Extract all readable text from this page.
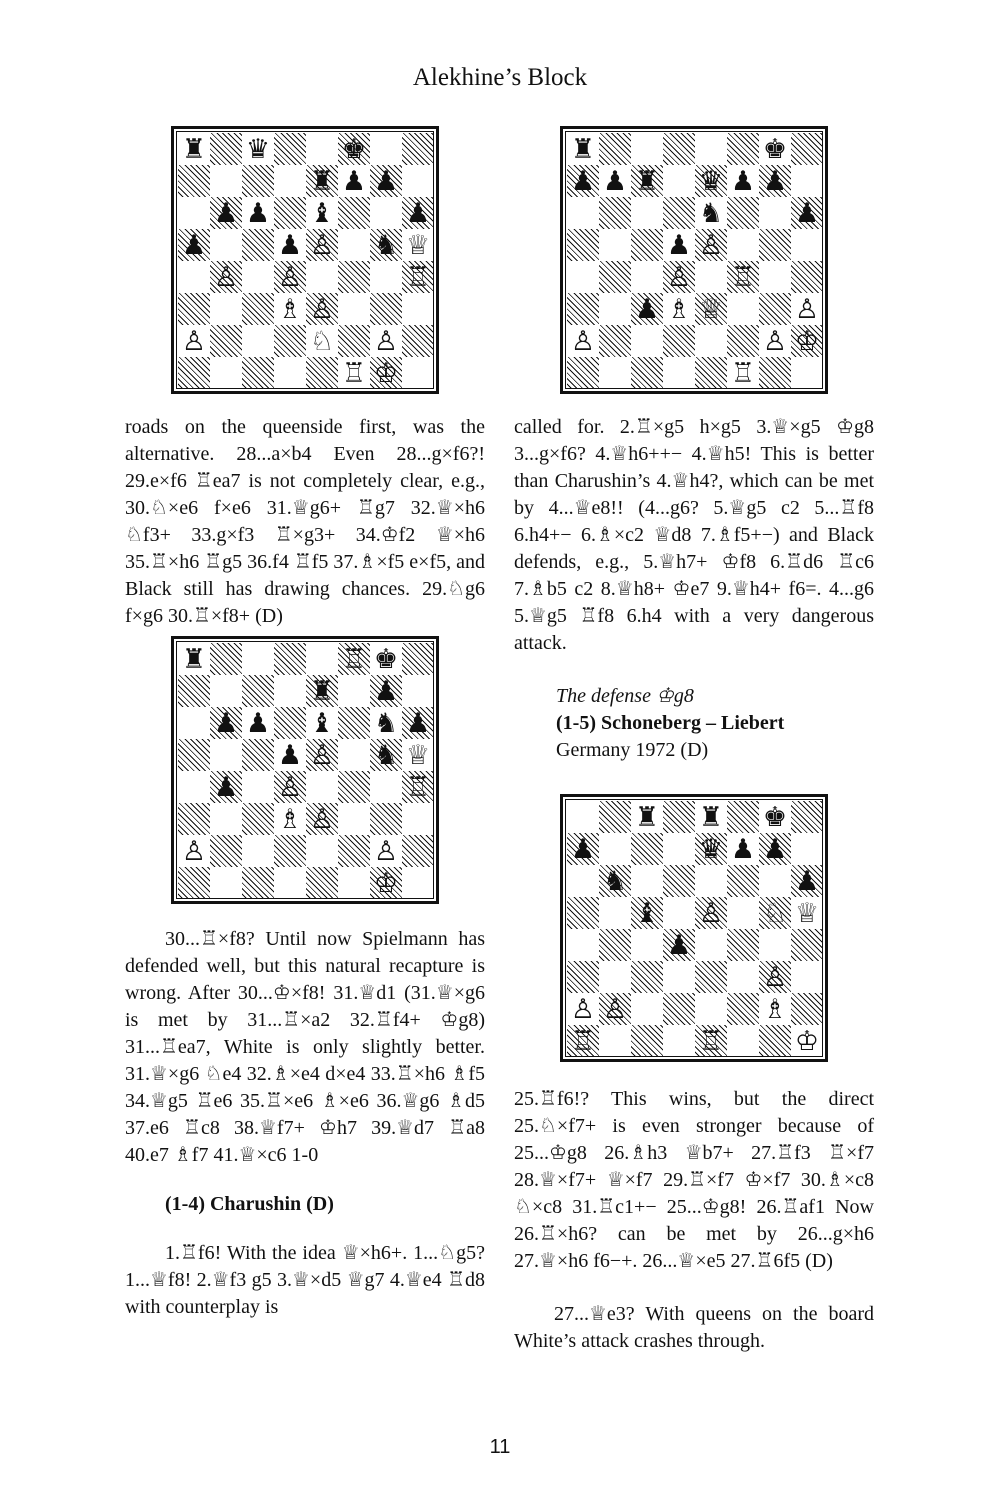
Alekhine’s Block
♜ ♛	♚
♜ ♟ ♟
♟ ♟ ♝	♟
♟	♟ ♙ ♞ ♕
♙ ♙	♖
♗ ♙
♙	♘ ♙
♖ ♔
♜	♚
♟ ♟ ♜ ♛ ♟ ♟
♞	♟
♟ ♙
♙ ♖
♟ ♗ ♕	♙
♙	♙ ♔
♖
♜	♖ ♚
♜ ♟
♟ ♟ ♝ ♞ ♟
♟ ♙ ♞ ♕
♟ ♙	♖
♗ ♙
♙	♙
♔
♜ ♜ ♚
♟	♛ ♟ ♟
♞	♟
♝ ♙ ♘ ♕
♟
♙
♙ ♙	♗
♖	♖	♔

roads on the queenside first, was the alternative. 28...a×b4 Even 28...g×f6?! 29.e×f6 ♖ea7 is not completely clear, e.g., 30.♘×e6 f×e6 31.♕g6+ ♖g7 32.♕×h6 ♘f3+ 33.g×f3 ♖×g3+ 34.♔f2 ♕×h6 35.♖×h6 ♖g5 36.f4 ♖f5 37.♗×f5 e×f5, and Black still has drawing chances. 29.♘g6 f×g6 30.♖×f8+ (D)

30...♖×f8? Until now Spielmann has defended well, but this natural recapture is wrong. After 30...♔×f8! 31.♕d1 (31.♕×g6 is met by 31...♖×a2 32.♖f4+ ♔g8) 31...♖ea7, White is only slightly better. 31.♕×g6 ♘e4 32.♗×e4 d×e4 33.♖×h6 ♗f5 34.♕g5 ♖e6 35.♖×e6 ♗×e6 36.♕g6 ♗d5 37.e6 ♖c8 38.♕f7+ ♔h7 39.♕d7 ♖a8 40.e7 ♗f7 41.♕×c6 1-0

(1-4) Charushin (D)

1.♖f6! With the idea ♕×h6+. 1...♘g5? 1...♕f8! 2.♕f3 g5 3.♕×d5 ♕g7 4.♕e4 ♖d8 with counterplay is

called for. 2.♖×g5 h×g5 3.♕×g5 ♔g8 3...g×f6? 4.♕h6++− 4.♕h5! This is better than Charushin’s 4.♕h4?, which can be met by 4...♕e8!! (4...g6? 5.♕g5 c2 5...♖f8 6.h4+− 6.♗×c2 ♕d8 7.♗f5+−) and Black defends, e.g., 5.♕h7+ ♔f8 6.♖d6 ♖c6 7.♗b5 c2 8.♕h8+ ♔e7 9.♕h4+ f6=. 4...g6 5.♕g5 ♖f8 6.h4 with a very dangerous attack.

The defense ♔g8

(1-5) Schoneberg – Liebert

Germany 1972 (D)

25.♖f6!? This wins, but the direct 25.♘×f7+ is even stronger because of 25...♔g8 26.♗h3 ♕b7+ 27.♖f3 ♖×f7 28.♕×f7+ ♕×f7 29.♖×f7 ♔×f7 30.♗×c8 ♘×c8 31.♖c1+− 25...♔g8! 26.♖af1 Now 26.♖×h6? can be met by 26...g×h6 27.♕×h6 f6−+. 26...♕×e5 27.♖6f5 (D)

27...♕e3? With queens on the board White’s attack crashes through.

11
